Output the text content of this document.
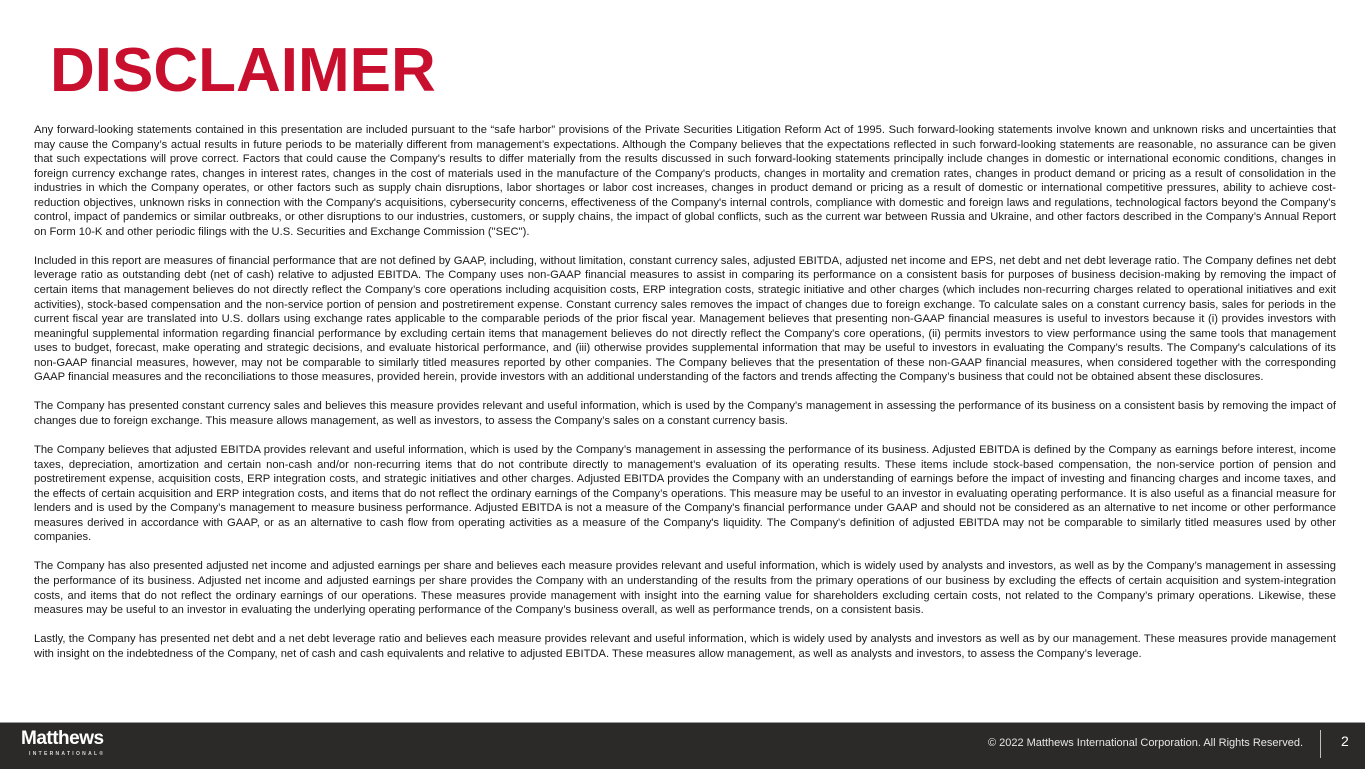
DISCLAIMER

Any forward-looking statements contained in this presentation are included pursuant to the “safe harbor” provisions of the Private Securities Litigation Reform Act of 1995. Such forward-looking statements involve known and unknown risks and uncertainties that may cause the Company’s actual results in future periods to be materially different from management’s expectations. Although the Company believes that the expectations reflected in such forward-looking statements are reasonable, no assurance can be given that such expectations will prove correct. Factors that could cause the Company's results to differ materially from the results discussed in such forward-looking statements principally include changes in domestic or international economic conditions, changes in foreign currency exchange rates, changes in interest rates, changes in the cost of materials used in the manufacture of the Company's products, changes in mortality and cremation rates, changes in product demand or pricing as a result of consolidation in the industries in which the Company operates, or other factors such as supply chain disruptions, labor shortages or labor cost increases, changes in product demand or pricing as a result of domestic or international competitive pressures, ability to achieve cost-reduction objectives, unknown risks in connection with the Company's acquisitions, cybersecurity concerns, effectiveness of the Company's internal controls, compliance with domestic and foreign laws and regulations, technological factors beyond the Company's control, impact of pandemics or similar outbreaks, or other disruptions to our industries, customers, or supply chains, the impact of global conflicts, such as the current war between Russia and Ukraine, and other factors described in the Company’s Annual Report on Form 10-K and other periodic filings with the U.S. Securities and Exchange Commission ("SEC").

Included in this report are measures of financial performance that are not defined by GAAP, including, without limitation, constant currency sales, adjusted EBITDA, adjusted net income and EPS, net debt and net debt leverage ratio. The Company defines net debt leverage ratio as outstanding debt (net of cash) relative to adjusted EBITDA. The Company uses non-GAAP financial measures to assist in comparing its performance on a consistent basis for purposes of business decision-making by removing the impact of certain items that management believes do not directly reflect the Company’s core operations including acquisition costs, ERP integration costs, strategic initiative and other charges (which includes non-recurring charges related to operational initiatives and exit activities), stock-based compensation and the non-service portion of pension and postretirement expense. Constant currency sales removes the impact of changes due to foreign exchange. To calculate sales on a constant currency basis, sales for periods in the current fiscal year are translated into U.S. dollars using exchange rates applicable to the comparable periods of the prior fiscal year. Management believes that presenting non-GAAP financial measures is useful to investors because it (i) provides investors with meaningful supplemental information regarding financial performance by excluding certain items that management believes do not directly reflect the Company's core operations, (ii) permits investors to view performance using the same tools that management uses to budget, forecast, make operating and strategic decisions, and evaluate historical performance, and (iii) otherwise provides supplemental information that may be useful to investors in evaluating the Company’s results. The Company's calculations of its non-GAAP financial measures, however, may not be comparable to similarly titled measures reported by other companies. The Company believes that the presentation of these non-GAAP financial measures, when considered together with the corresponding GAAP financial measures and the reconciliations to those measures, provided herein, provide investors with an additional understanding of the factors and trends affecting the Company’s business that could not be obtained absent these disclosures.

The Company has presented constant currency sales and believes this measure provides relevant and useful information, which is used by the Company's management in assessing the performance of its business on a consistent basis by removing the impact of changes due to foreign exchange. This measure allows management, as well as investors, to assess the Company’s sales on a constant currency basis.

The Company believes that adjusted EBITDA provides relevant and useful information, which is used by the Company’s management in assessing the performance of its business. Adjusted EBITDA is defined by the Company as earnings before interest, income taxes, depreciation, amortization and certain non-cash and/or non-recurring items that do not contribute directly to management’s evaluation of its operating results. These items include stock-based compensation, the non-service portion of pension and postretirement expense, acquisition costs, ERP integration costs, and strategic initiatives and other charges. Adjusted EBITDA provides the Company with an understanding of earnings before the impact of investing and financing charges and income taxes, and the effects of certain acquisition and ERP integration costs, and items that do not reflect the ordinary earnings of the Company’s operations. This measure may be useful to an investor in evaluating operating performance. It is also useful as a financial measure for lenders and is used by the Company’s management to measure business performance. Adjusted EBITDA is not a measure of the Company's financial performance under GAAP and should not be considered as an alternative to net income or other performance measures derived in accordance with GAAP, or as an alternative to cash flow from operating activities as a measure of the Company's liquidity. The Company's definition of adjusted EBITDA may not be comparable to similarly titled measures used by other companies.

The Company has also presented adjusted net income and adjusted earnings per share and believes each measure provides relevant and useful information, which is widely used by analysts and investors, as well as by the Company’s management in assessing the performance of its business. Adjusted net income and adjusted earnings per share provides the Company with an understanding of the results from the primary operations of our business by excluding the effects of certain acquisition and system-integration costs, and items that do not reflect the ordinary earnings of our operations. These measures provide management with insight into the earning value for shareholders excluding certain costs, not related to the Company’s primary operations. Likewise, these measures may be useful to an investor in evaluating the underlying operating performance of the Company’s business overall, as well as performance trends, on a consistent basis.

Lastly, the Company has presented net debt and a net debt leverage ratio and believes each measure provides relevant and useful information, which is widely used by analysts and investors as well as by our management. These measures provide management with insight on the indebtedness of the Company, net of cash and cash equivalents and relative to adjusted EBITDA. These measures allow management, as well as analysts and investors, to assess the Company’s leverage.

Matthews
INTERNATIONAL®
© 2022 Matthews International Corporation. All Rights Reserved.	2
